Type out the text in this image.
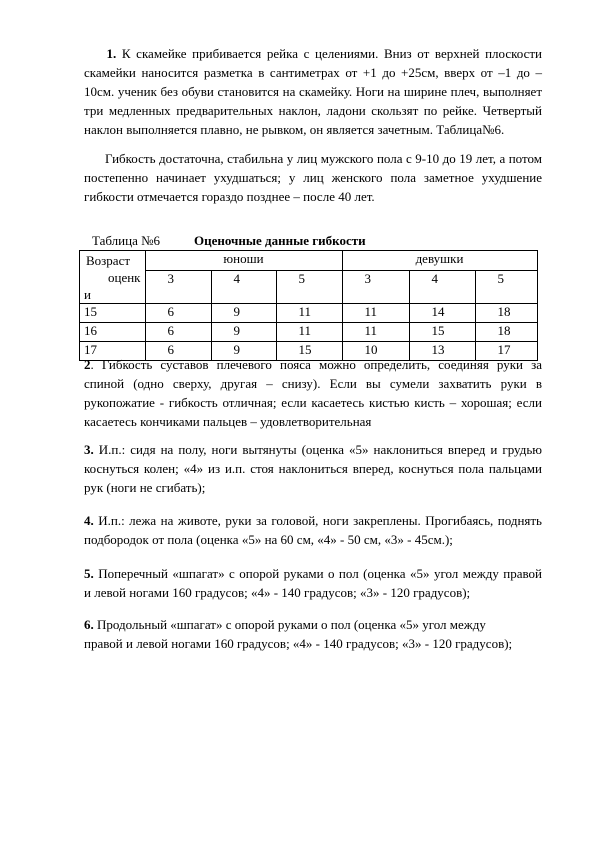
1. К скамейке прибивается рейка с целениями. Вниз от верхней плоскости
скамейки наносится разметка в сантиметрах от +1 до +25см, вверх от –1 до –
10см. ученик без обуви становится на скамейку. Ноги на ширине плеч, выполняет
три медленных предварительных наклон, ладони скользят по рейке. Четвертый
наклон выполняется плавно, не рывком, он является зачетным. Таблица№6.
Гибкость достаточна, стабильна у лиц мужского пола с 9-10 до 19 лет, а потом
постепенно начинает ухудшаться; у лиц женского пола заметное ухудшение
гибкости отмечается гораздо позднее – после 40 лет.
Таблица №6	Оценочные данные гибкости
Возраст
оценк
и	юноши			девушки		
	3	4	5	3	4	5
15	6	9	11	11	14	18
16	6	9	11	11	15	18
17	6	9	15	10	13	17
2. Гибкость суставов плечевого пояса можно определить, соединяя руки за
спиной (одно сверху, другая – снизу). Если вы сумели захватить руки в
рукопожатие - гибкость отличная; если касаетесь кистью кисть – хорошая; если
касаетесь кончиками пальцев – удовлетворительная
3. И.п.: сидя на полу, ноги вытянуты (оценка «5» наклониться вперед и грудью
коснуться колен; «4» из и.п. стоя наклониться вперед, коснуться пола пальцами
рук (ноги не сгибать);
4. И.п.: лежа на животе, руки за головой, ноги закреплены. Прогибаясь, поднять
подбородок от пола (оценка «5» на 60 см, «4» - 50 см, «3» - 45см.);
5. Поперечный «шпагат» с опорой руками о пол (оценка «5» угол между правой
и левой ногами 160 градусов; «4» - 140 градусов; «3» - 120 градусов);
6. Продольный «шпагат» с опорой руками о пол (оценка «5» угол между
правой и левой ногами 160 градусов; «4» - 140 градусов; «3» - 120 градусов);
